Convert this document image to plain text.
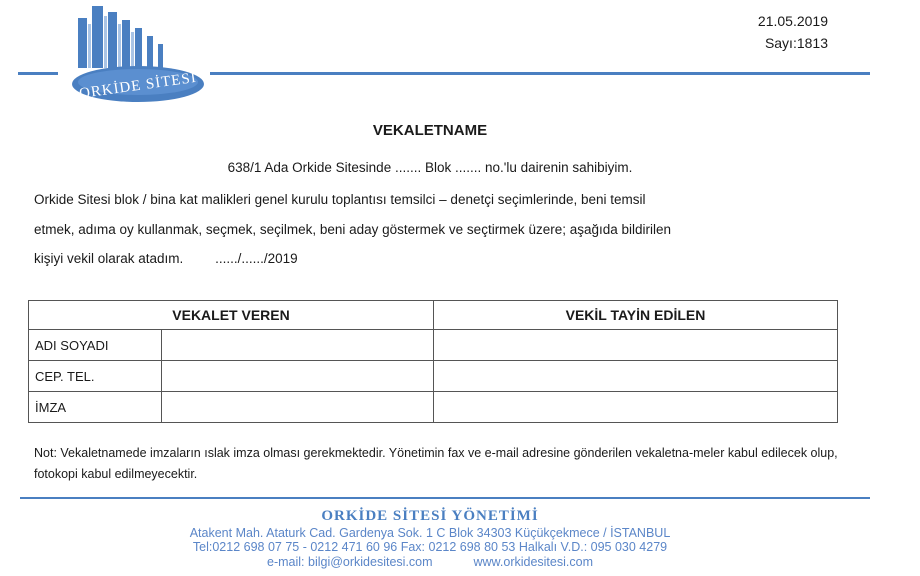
ORKİDE SİTESİ
21.05.2019
Sayı:1813
VEKALETNAME
638/1 Ada Orkide Sitesinde ....... Blok ....... no.'lu dairenin sahibiyim.
Orkide Sitesi blok / bina kat malikleri genel kurulu toplantısı temsilci – denetçi seçimlerinde, beni temsil
etmek, adıma oy kullanmak, seçmek, seçilmek, beni aday göstermek ve seçtirmek üzere; aşağıda bildirilen
kişiyi vekil olarak atadım. ....../....../2019
VEKALET VEREN		VEKİL TAYİN EDİLEN
ADI SOYADI		
CEP. TEL.		
İMZA		
Not: Vekaletnamede imzaların ıslak imza olması gerekmektedir. Yönetimin fax ve e-mail adresine gönderilen vekaletna-meler kabul edilecek olup, fotokopi kabul edilmeyecektir.
ORKİDE SİTESİ YÖNETİMİ
Atakent Mah. Ataturk Cad. Gardenya Sok. 1 C Blok 34303 Küçükçekmece / İSTANBUL
Tel:0212 698 07 75 - 0212 471 60 96 Fax: 0212 698 80 53 Halkalı V.D.: 095 030 4279
e-mail: bilgi@orkidesitesi.com	www.orkidesitesi.com
